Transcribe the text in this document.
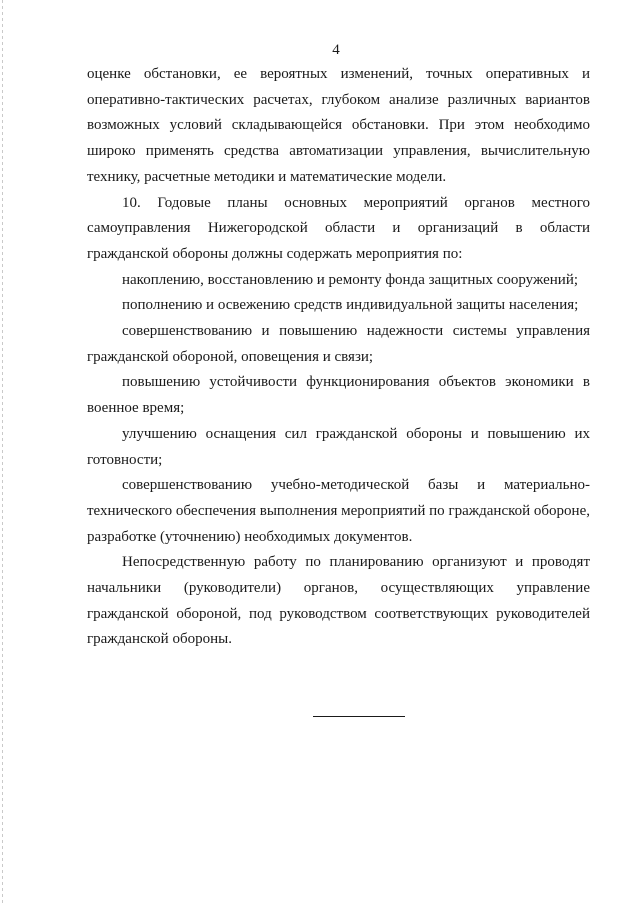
4

оценке обстановки, ее вероятных изменений, точных оперативных и оперативно-тактических расчетах, глубоком анализе различных вариантов возможных условий складывающейся обстановки. При этом необходимо широко применять средства автоматизации управления, вычислительную технику, расчетные методики и математические модели.

10. Годовые планы основных мероприятий органов местного самоуправления Нижегородской области и организаций в области гражданской обороны должны содержать мероприятия по:

накоплению, восстановлению и ремонту фонда защитных сооружений;

пополнению и освежению средств индивидуальной защиты населения;

совершенствованию и повышению надежности системы управления гражданской обороной, оповещения и связи;

повышению устойчивости функционирования объектов экономики в военное время;

улучшению оснащения сил гражданской обороны и повышению их готовности;

совершенствованию учебно-методической базы и материально-технического обеспечения выполнения мероприятий по гражданской обороне, разработке (уточнению) необходимых документов.

Непосредственную работу по планированию организуют и проводят начальники (руководители) органов, осуществляющих управление гражданской обороной, под руководством соответствующих руководителей гражданской обороны.
